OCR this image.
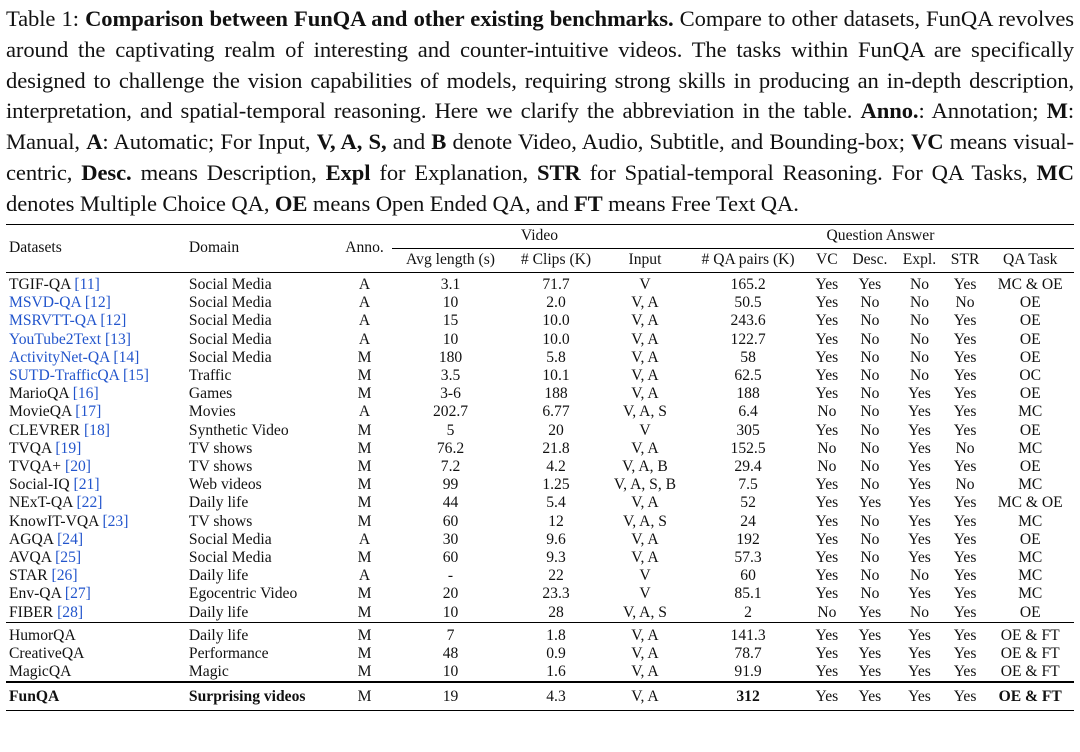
Table 1: Comparison between FunQA and other existing benchmarks. Compare to other datasets, FunQA revolves around the captivating realm of interesting and counter-intuitive videos. The tasks within FunQA are specifically designed to challenge the vision capabilities of models, requiring strong skills in producing an in-depth description, interpretation, and spatial-temporal reasoning. Here we clarify the abbreviation in the table. Anno.: Annotation; M: Manual, A: Automatic; For Input, V, A, S, and B denote Video, Audio, Subtitle, and Bounding-box; VC means visual-centric, Desc. means Description, Expl for Explanation, STR for Spatial-temporal Reasoning. For QA Tasks, MC denotes Multiple Choice QA, OE means Open Ended QA, and FT means Free Text QA.

Datasets	Domain	Anno.	Video			Question Answer					
			Avg length (s)	# Clips (K)	Input	# QA pairs (K)	VC	Desc.	Expl.	STR	QA Task
TGIF-QA [11]	Social Media	A	3.1	71.7	V	165.2	Yes	Yes	No	Yes	MC & OE
MSVD-QA [12]	Social Media	A	10	2.0	V, A	50.5	Yes	No	No	No	OE
MSRVTT-QA [12]	Social Media	A	15	10.0	V, A	243.6	Yes	No	No	Yes	OE
YouTube2Text [13]	Social Media	A	10	10.0	V, A	122.7	Yes	No	No	Yes	OE
ActivityNet-QA [14]	Social Media	M	180	5.8	V, A	58	Yes	No	No	Yes	OE
SUTD-TrafficQA [15]	Traffic	M	3.5	10.1	V, A	62.5	Yes	No	No	Yes	OC
MarioQA [16]	Games	M	3-6	188	V, A	188	Yes	No	Yes	Yes	OE
MovieQA [17]	Movies	A	202.7	6.77	V, A, S	6.4	No	No	Yes	Yes	MC
CLEVRER [18]	Synthetic Video	M	5	20	V	305	Yes	No	Yes	Yes	OE
TVQA [19]	TV shows	M	76.2	21.8	V, A	152.5	No	No	Yes	No	MC
TVQA+ [20]	TV shows	M	7.2	4.2	V, A, B	29.4	No	No	Yes	Yes	OE
Social-IQ [21]	Web videos	M	99	1.25	V, A, S, B	7.5	Yes	No	Yes	No	MC
NExT-QA [22]	Daily life	M	44	5.4	V, A	52	Yes	Yes	Yes	Yes	MC & OE
KnowIT-VQA [23]	TV shows	M	60	12	V, A, S	24	Yes	No	Yes	Yes	MC
AGQA [24]	Social Media	A	30	9.6	V, A	192	Yes	No	Yes	Yes	OE
AVQA [25]	Social Media	M	60	9.3	V, A	57.3	Yes	No	Yes	Yes	MC
STAR [26]	Daily life	A	-	22	V	60	Yes	No	No	Yes	MC
Env-QA [27]	Egocentric Video	M	20	23.3	V	85.1	Yes	No	Yes	Yes	MC
FIBER [28]	Daily life	M	10	28	V, A, S	2	No	Yes	No	Yes	OE
HumorQA	Daily life	M	7	1.8	V, A	141.3	Yes	Yes	Yes	Yes	OE & FT
CreativeQA	Performance	M	48	0.9	V, A	78.7	Yes	Yes	Yes	Yes	OE & FT
MagicQA	Magic	M	10	1.6	V, A	91.9	Yes	Yes	Yes	Yes	OE & FT
FunQA	Surprising videos	M	19	4.3	V, A	312	Yes	Yes	Yes	Yes	OE & FT
